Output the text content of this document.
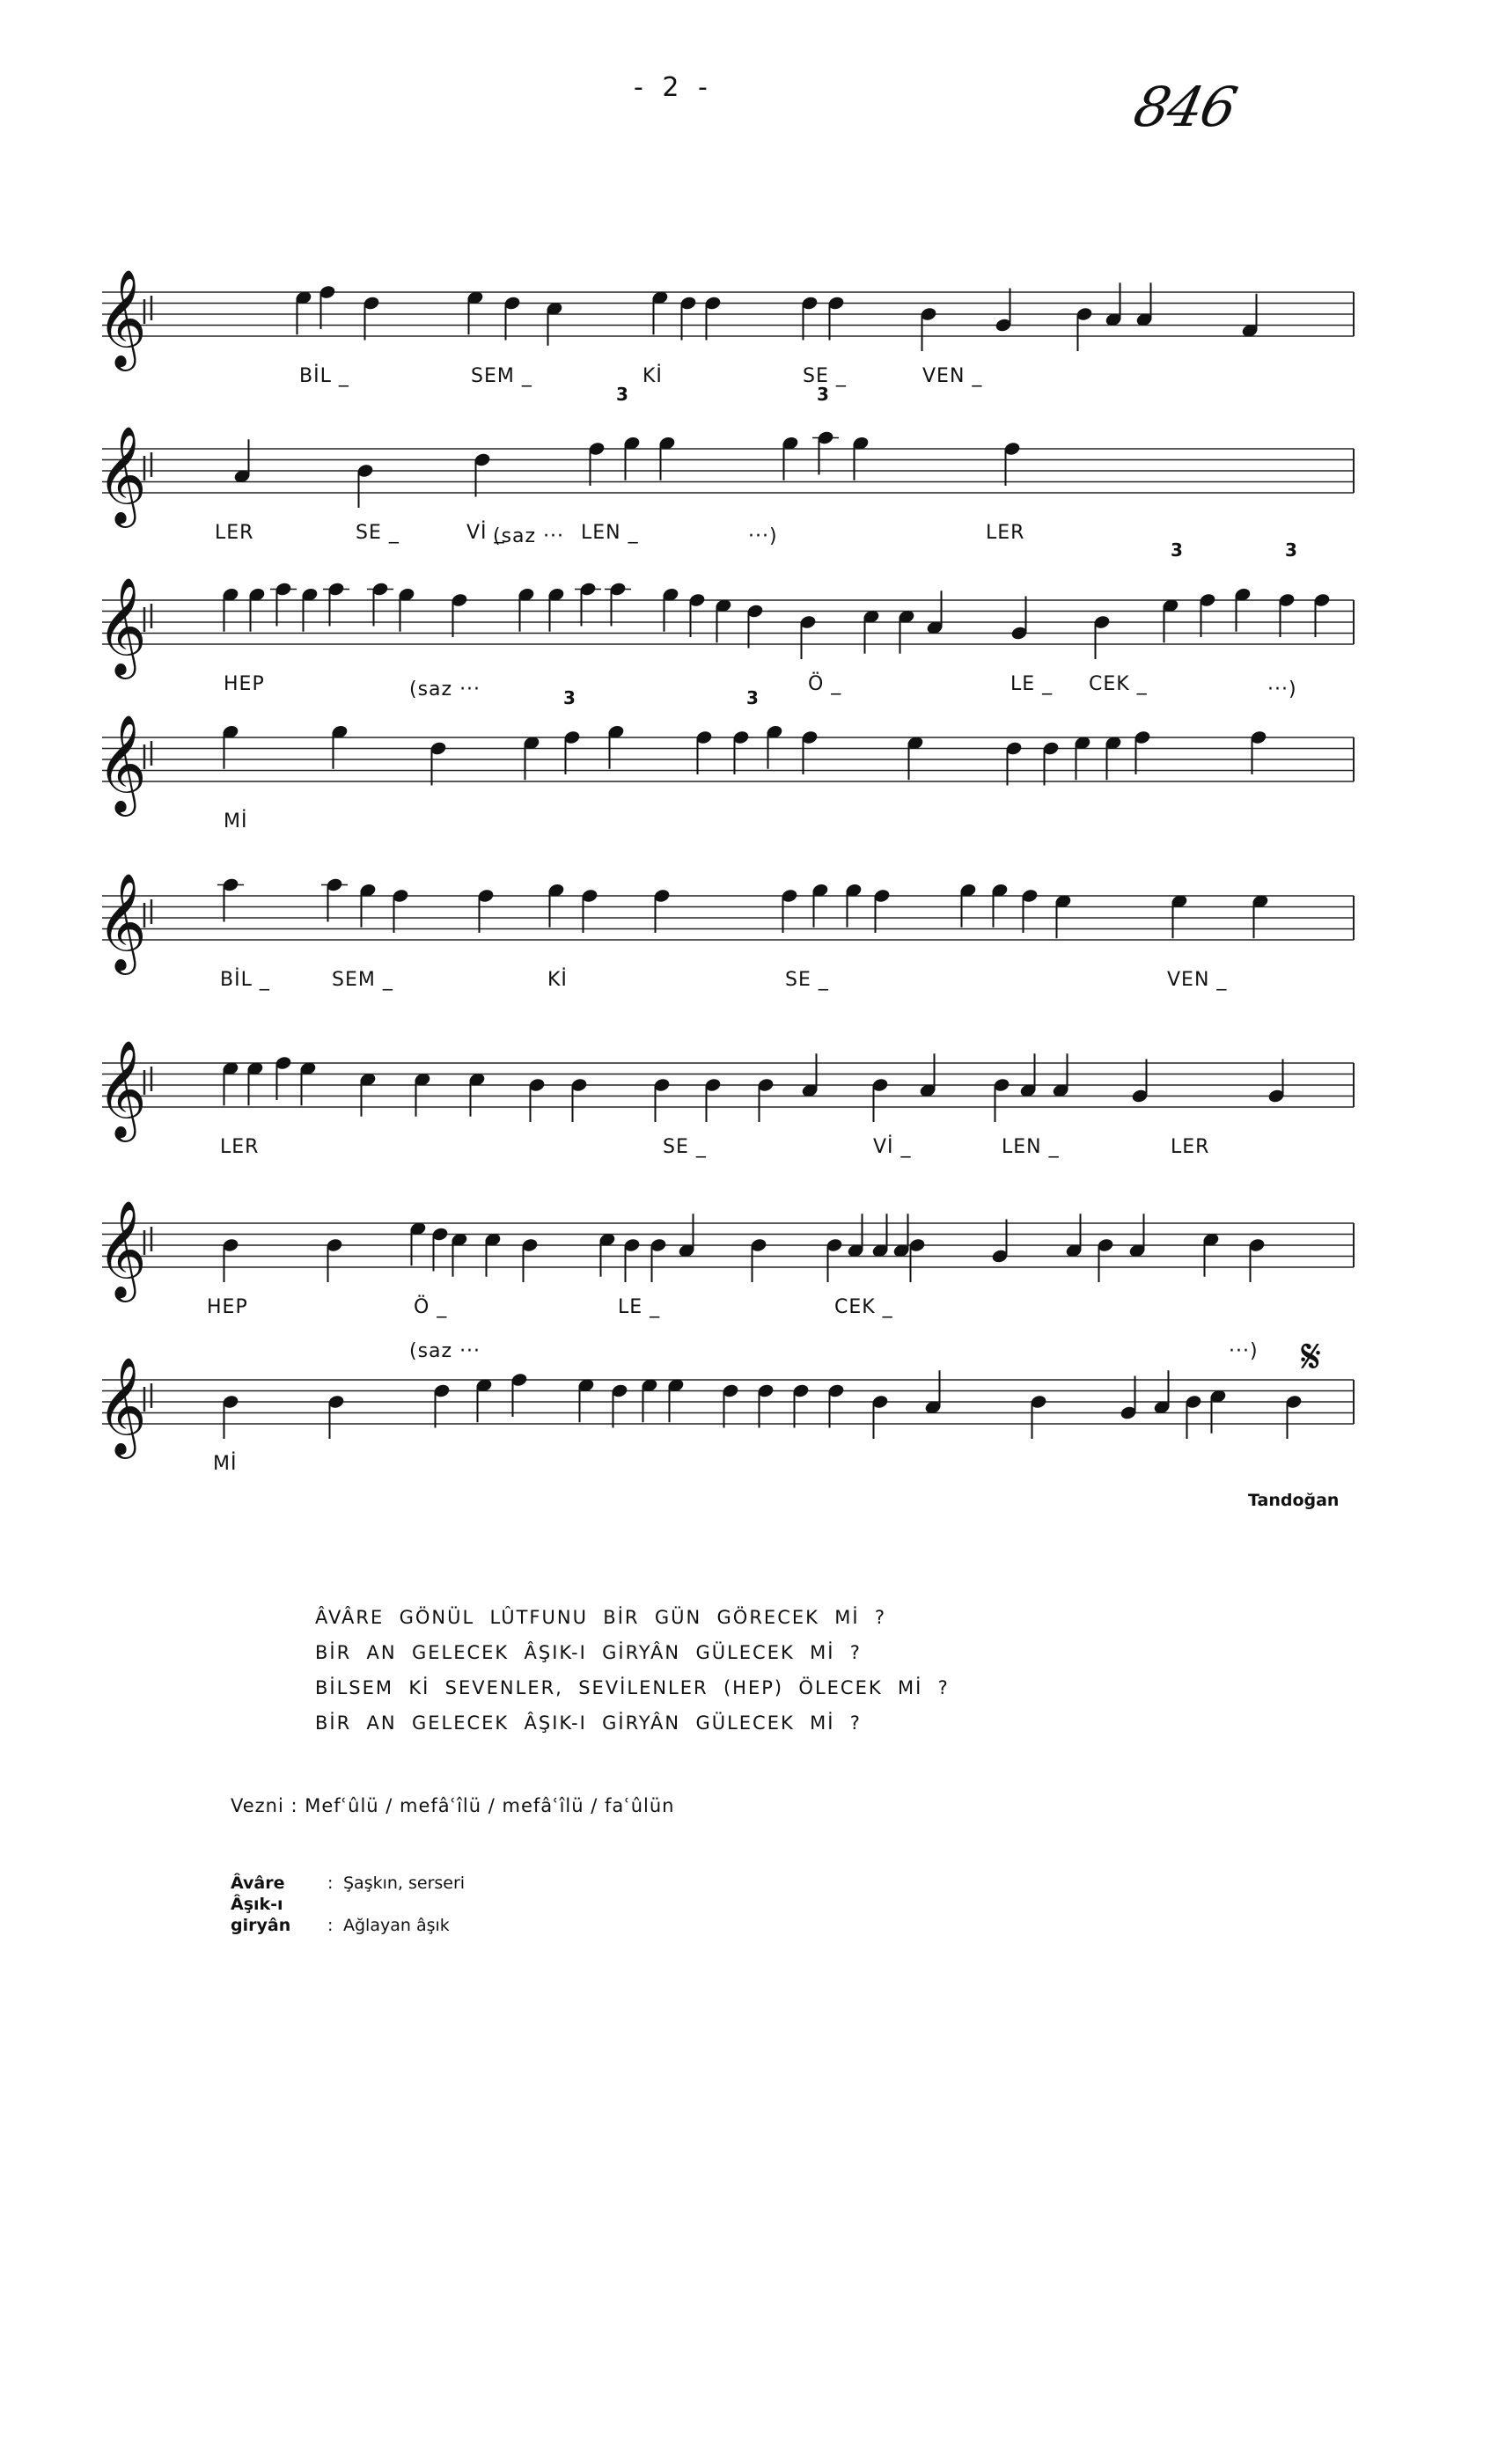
- 2 -	846
𝄞
BİL _	SEM _	Kİ	SE _	VEN _
𝄞
LER	SE _	Vİ _	LEN _	LER
𝄞
HEP	Ö _	LE _ CEK _
𝄞
Mİ
𝄞
BİL _	SEM _	Kİ	SE _	VEN _
𝄞
LER	SE _	Vİ _	LEN _	LER
𝄞
HEP	Ö _	LE _	CEK _
𝄞
Mİ
(saz ···	···)
(saz ···	···)
(saz ···	···)
3	3
3	3
3	3
𝄋
Tandoğan
ÂVÂRE  GÖNÜL  LÛTFUNU  BİR  GÜN  GÖRECEK  Mİ  ?
BİR  AN  GELECEK  ÂŞIK-I  GİRYÂN  GÜLECEK  Mİ  ?
BİLSEM  Kİ  SEVENLER,  SEVİLENLER  (HEP)  ÖLECEK  Mİ  ?
BİR  AN  GELECEK  ÂŞIK-I  GİRYÂN  GÜLECEK  Mİ  ?
Vezni : Mefʿûlü / mefâʿîlü / mefâʿîlü / faʿûlün
Âvâre	: Şaşkın, serseri
Âşık-ı giryân : Ağlayan âşık
